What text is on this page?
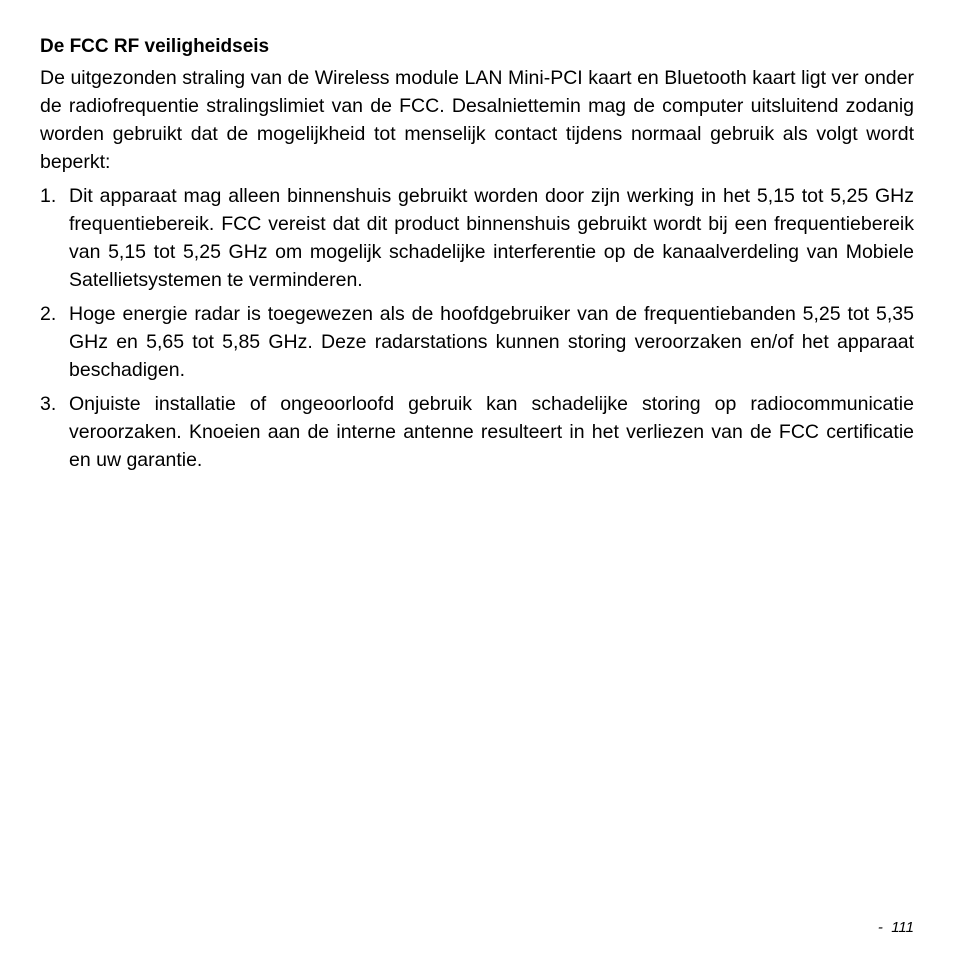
De FCC RF veiligheidseis

De uitgezonden straling van de Wireless module LAN Mini-PCI kaart en Bluetooth kaart ligt ver onder de radiofrequentie stralingslimiet van de FCC. Desalniettemin mag de computer uitsluitend zodanig worden gebruikt dat de mogelijkheid tot menselijk contact tijdens normaal gebruik als volgt wordt beperkt:

1. Dit apparaat mag alleen binnenshuis gebruikt worden door zijn werking in het 5,15 tot 5,25 GHz frequentiebereik. FCC vereist dat dit product binnenshuis gebruikt wordt bij een frequentiebereik van 5,15 tot 5,25 GHz om mogelijk schadelijke interferentie op de kanaalverdeling van Mobiele Satellietsystemen te verminderen.
2. Hoge energie radar is toegewezen als de hoofdgebruiker van de frequentiebanden 5,25 tot 5,35 GHz en 5,65 tot 5,85 GHz. Deze radarstations kunnen storing veroorzaken en/of het apparaat beschadigen.
3. Onjuiste installatie of ongeoorloofd gebruik kan schadelijke storing op radiocommunicatie veroorzaken. Knoeien aan de interne antenne resulteert in het verliezen van de FCC certificatie en uw garantie.
-  111
